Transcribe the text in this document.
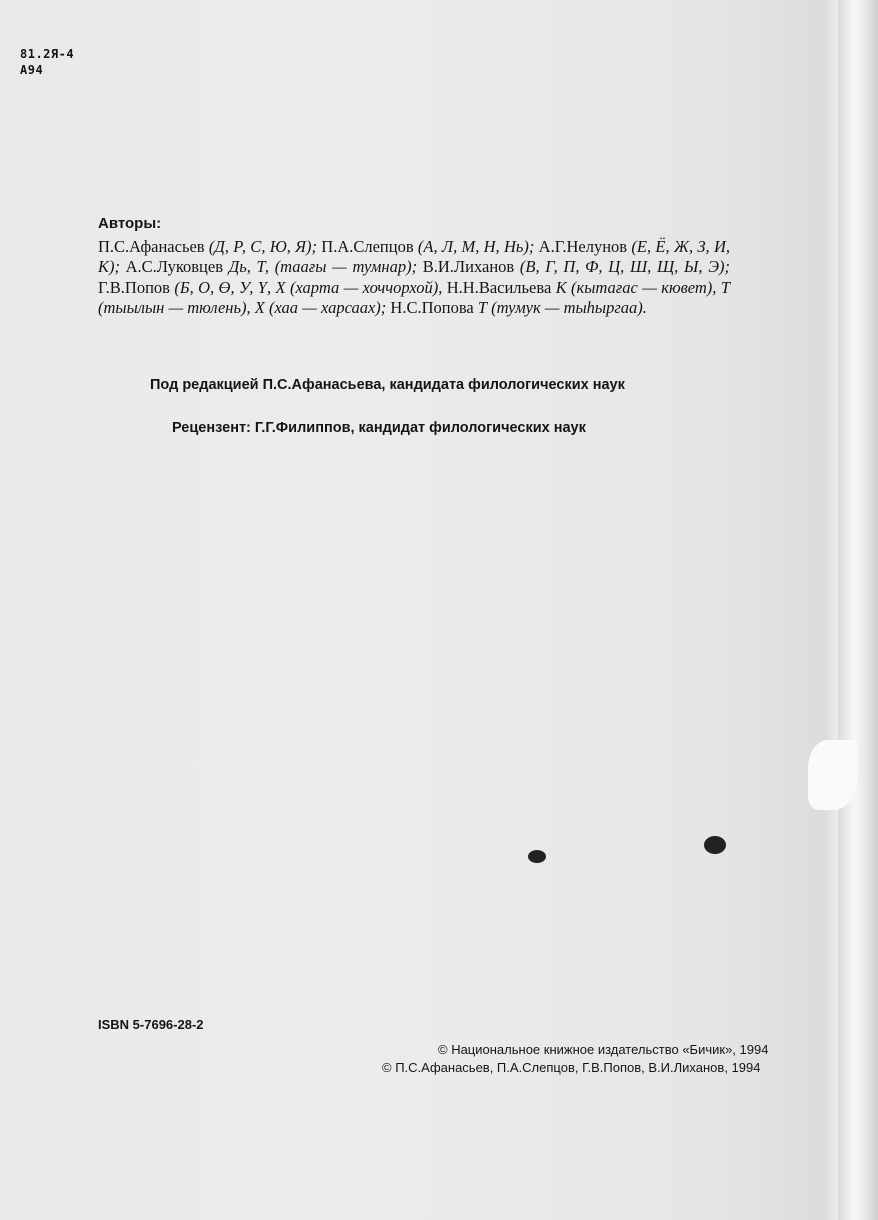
81.2Я-4
А94
Авторы:
П.С.Афанасьев (Д, Р, С, Ю, Я); П.А.Слепцов (А, Л, М, Н, Нь); А.Г.Нелунов (Е, Ё, Ж, З, И, К); А.С.Луковцев Дь, Т, (таағы — тумнар); В.И.Лиханов (В, Г, П, Ф, Ц, Ш, Щ, Ы, Э); Г.В.Попов (Б, О, Ө, У, Ү, Х (харта — хоччорхой), Н.Н.Васильева К (кытағас — кювет), Т (тыылын — тюлень), Х (хаа — харсаах); Н.С.Попова Т (тумук — тыһыргаа).
Под редакцией П.С.Афанасьева, кандидата филологических наук
Рецензент: Г.Г.Филиппов, кандидат филологических наук
ISBN 5-7696-28-2
© Национальное книжное издательство «Бичик», 1994
© П.С.Афанасьев, П.А.Слепцов, Г.В.Попов, В.И.Лиханов, 1994
